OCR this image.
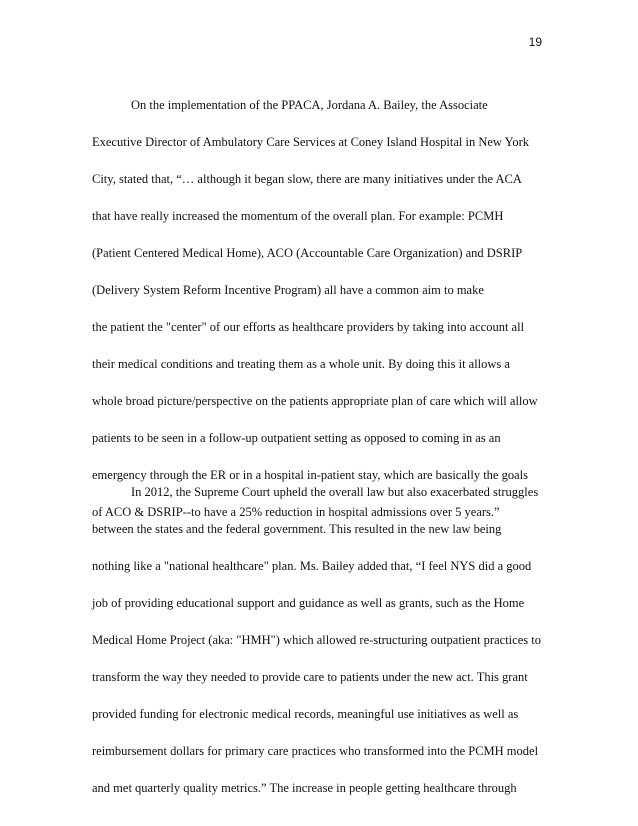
19
On the implementation of the PPACA, Jordana A. Bailey, the Associate
Executive Director of Ambulatory Care Services at Coney Island Hospital in New York
City, stated that, “… although it began slow, there are many initiatives under the ACA
that have really increased the momentum of the overall plan. For example: PCMH
(Patient Centered Medical Home), ACO (Accountable Care Organization) and DSRIP
(Delivery System Reform Incentive Program) all have a common aim to make
the patient the "center" of our efforts as healthcare providers by taking into account all
their medical conditions and treating them as a whole unit. By doing this it allows a
whole broad picture/perspective on the patients appropriate plan of care which will allow
patients to be seen in a follow-up outpatient setting as opposed to coming in as an
emergency through the ER or in a hospital in-patient stay, which are basically the goals
of ACO & DSRIP--to have a 25% reduction in hospital admissions over 5 years.”
In 2012, the Supreme Court upheld the overall law but also exacerbated struggles
between the states and the federal government. This resulted in the new law being
nothing like a "national healthcare" plan. Ms. Bailey added that, “I feel NYS did a good
job of providing educational support and guidance as well as grants, such as the Home
Medical Home Project (aka: "HMH") which allowed re-structuring outpatient practices to
transform the way they needed to provide care to patients under the new act. This grant
provided funding for electronic medical records, meaningful use initiatives as well as
reimbursement dollars for primary care practices who transformed into the PCMH model
and met quarterly quality metrics.” The increase in people getting healthcare through
